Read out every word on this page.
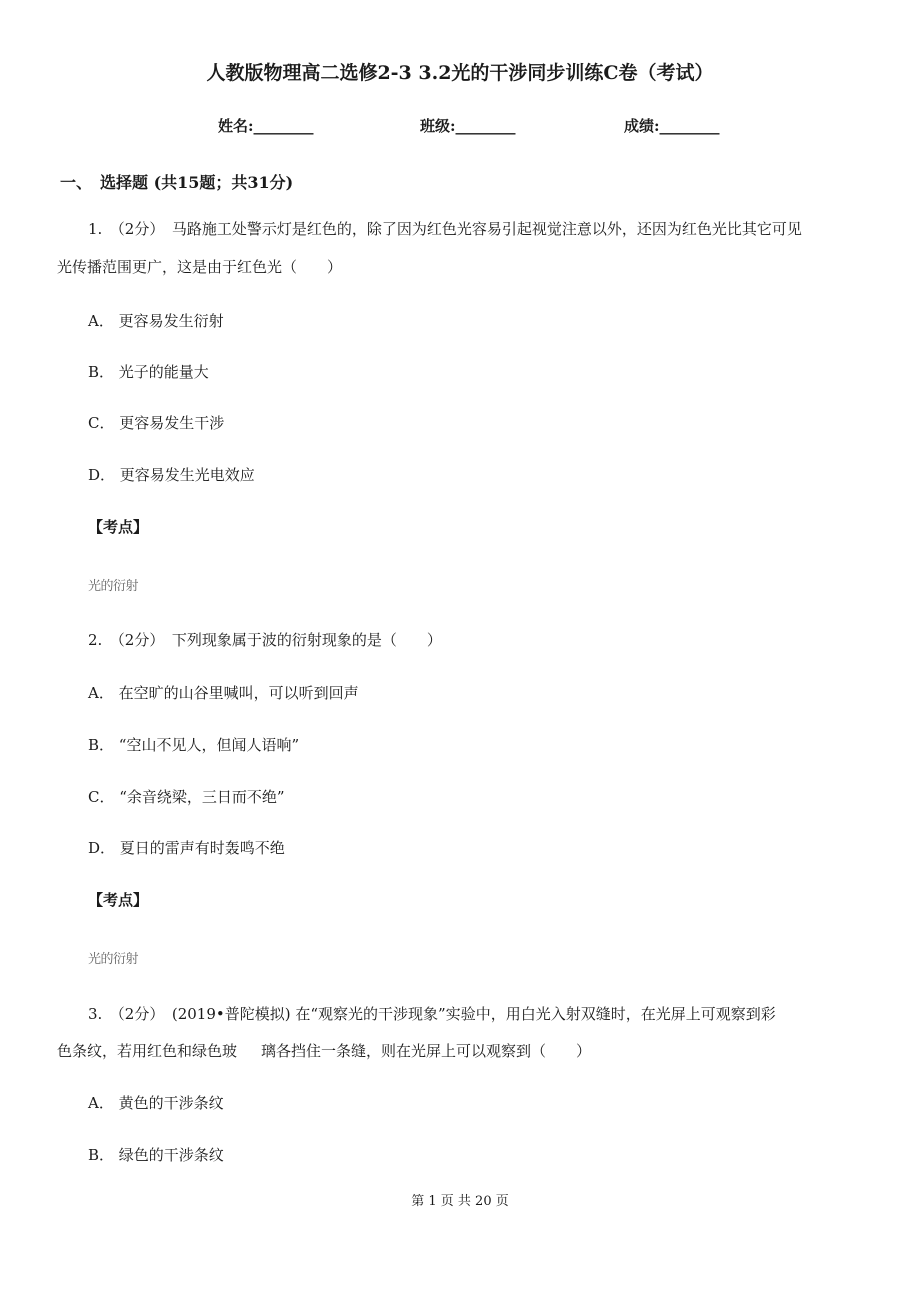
人教版物理高二选修2-3 3.2光的干涉同步训练C卷（考试）
姓名:________	班级:________	成绩:________
一、　选择题 (共15题；共31分)
1.　（2分）　马路施工处警示灯是红色的，除了因为红色光容易引起视觉注意以外，还因为红色光比其它可见
光传播范围更广，这是由于红色光（　　）
A． 更容易发生衍射
B． 光子的能量大
C． 更容易发生干涉
D． 更容易发生光电效应
【考点】
光的衍射
2.　（2分）　下列现象属于波的衍射现象的是（　　）
A． 在空旷的山谷里喊叫，可以听到回声
B． “空山不见人，但闻人语响”
C． “余音绕梁，三日而不绝”
D． 夏日的雷声有时轰鸣不绝
【考点】
光的衍射
3.　（2分）　(2019•普陀模拟) 在“观察光的干涉现象”实验中，用白光入射双缝时，在光屏上可观察到彩
色条纹，若用红色和绿色玻 璃各挡住一条缝，则在光屏上可以观察到（　　）
A． 黄色的干涉条纹
B． 绿色的干涉条纹
第 1 页 共 20 页
